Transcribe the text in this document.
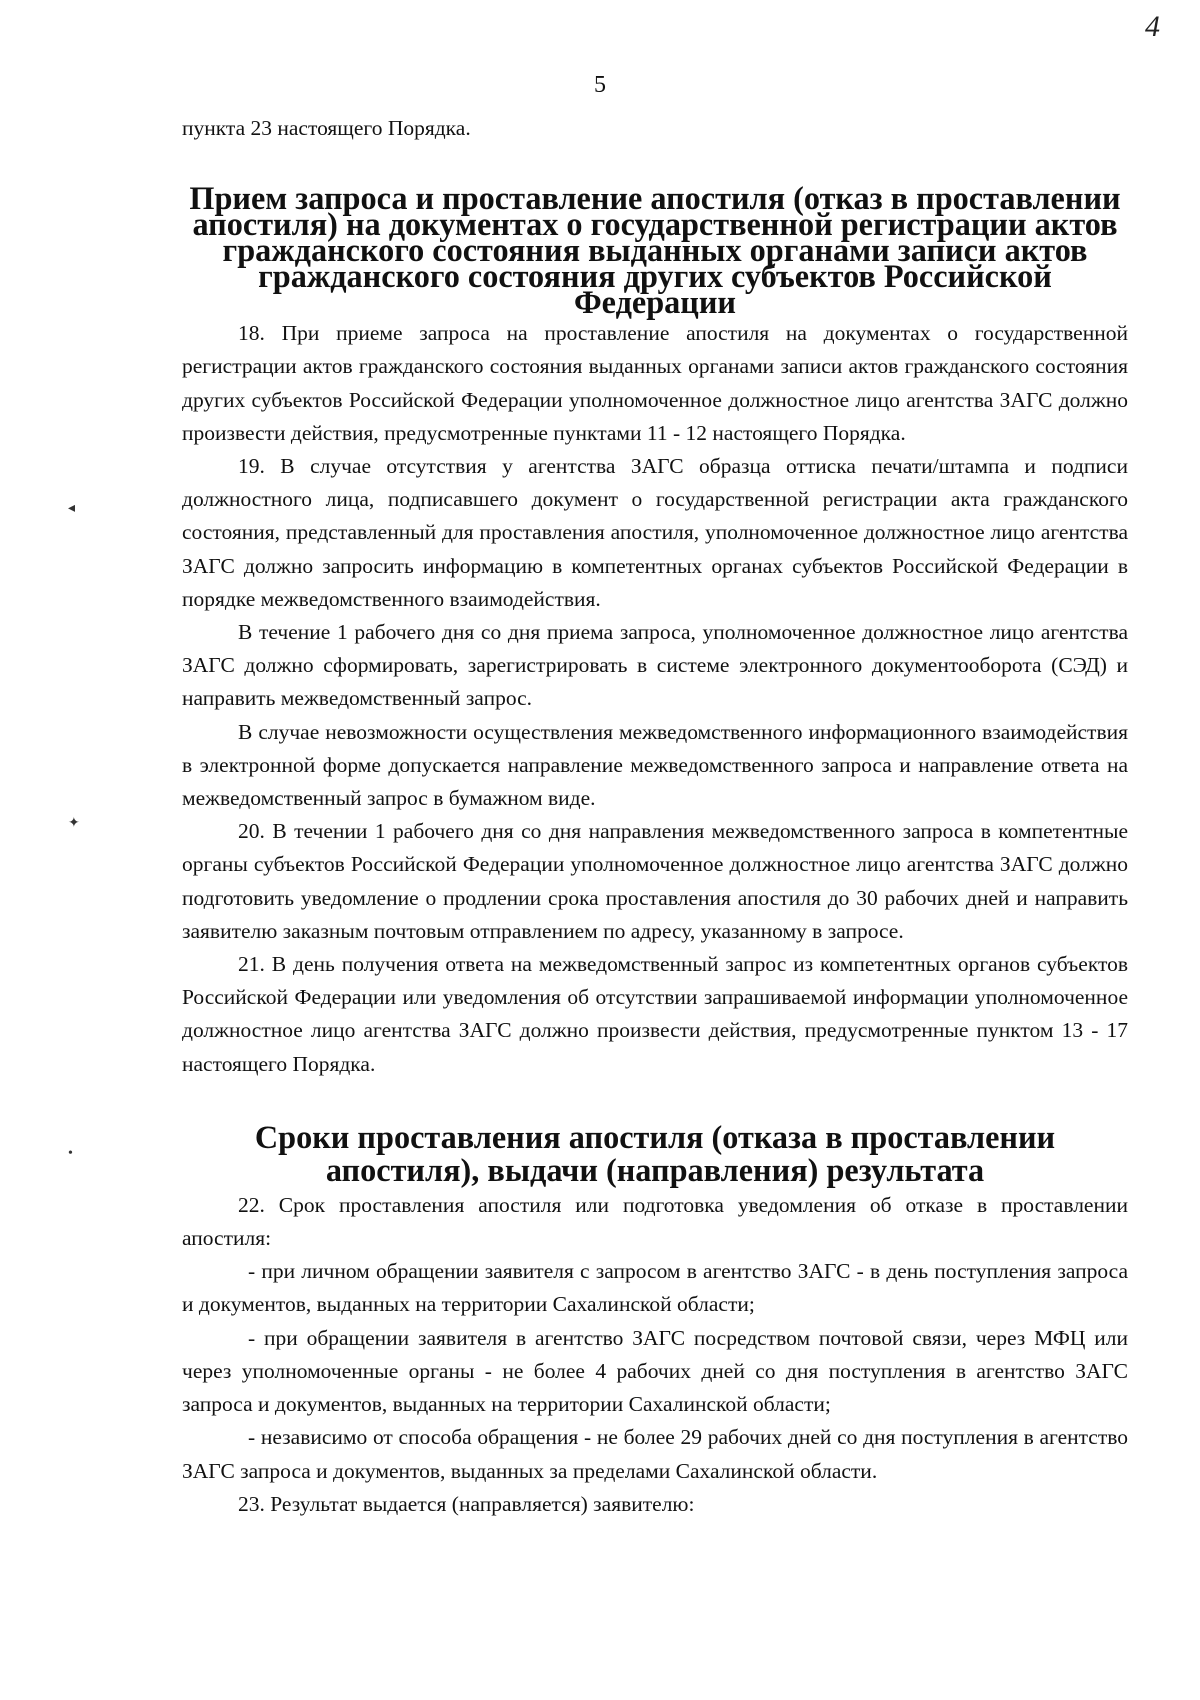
4
5
◂
✦
•

пункта 23 настоящего Порядка.

Прием запроса и проставление апостиля (отказ в проставлении апостиля) на документах о государственной регистрации актов гражданского состояния выданных органами записи актов гражданского состояния других субъектов Российской Федерации

18. При приеме запроса на проставление апостиля на документах о государственной регистрации актов гражданского состояния выданных органами записи актов гражданского состояния других субъектов Российской Федерации уполномоченное должностное лицо агентства ЗАГС должно произвести действия, предусмотренные пунктами 11 - 12 настоящего Порядка.

19. В случае отсутствия у агентства ЗАГС образца оттиска печати/штампа и подписи должностного лица, подписавшего документ о государственной регистрации акта гражданского состояния, представленный для проставления апостиля, уполномоченное должностное лицо агентства ЗАГС должно запросить информацию в компетентных органах субъектов Российской Федерации в порядке межведомственного взаимодействия.

В течение 1 рабочего дня со дня приема запроса, уполномоченное должностное лицо агентства ЗАГС должно сформировать, зарегистрировать в системе электронного документооборота (СЭД) и направить межведомственный запрос.

В случае невозможности осуществления межведомственного информационного взаимодействия в электронной форме допускается направление межведомственного запроса и направление ответа на межведомственный запрос в бумажном виде.

20. В течении 1 рабочего дня со дня направления межведомственного запроса в компетентные органы субъектов Российской Федерации уполномоченное должностное лицо агентства ЗАГС должно подготовить уведомление о продлении срока проставления апостиля до 30 рабочих дней и направить заявителю заказным почтовым отправлением по адресу, указанному в запросе.

21. В день получения ответа на межведомственный запрос из компетентных органов субъектов Российской Федерации или уведомления об отсутствии запрашиваемой информации уполномоченное должностное лицо агентства ЗАГС должно произвести действия, предусмотренные пунктом 13 - 17 настоящего Порядка.

Сроки проставления апостиля (отказа в проставлении апостиля), выдачи (направления) результата

22. Срок проставления апостиля или подготовка уведомления об отказе в проставлении апостиля:

- при личном обращении заявителя с запросом в агентство ЗАГС - в день поступления запроса и документов, выданных на территории Сахалинской области;

- при обращении заявителя в агентство ЗАГС посредством почтовой связи, через МФЦ или через уполномоченные органы - не более 4 рабочих дней со дня поступления в агентство ЗАГС запроса и документов, выданных на территории Сахалинской области;

- независимо от способа обращения - не более 29 рабочих дней со дня поступления в агентство ЗАГС запроса и документов, выданных за пределами Сахалинской области.

23. Результат выдается (направляется) заявителю:
